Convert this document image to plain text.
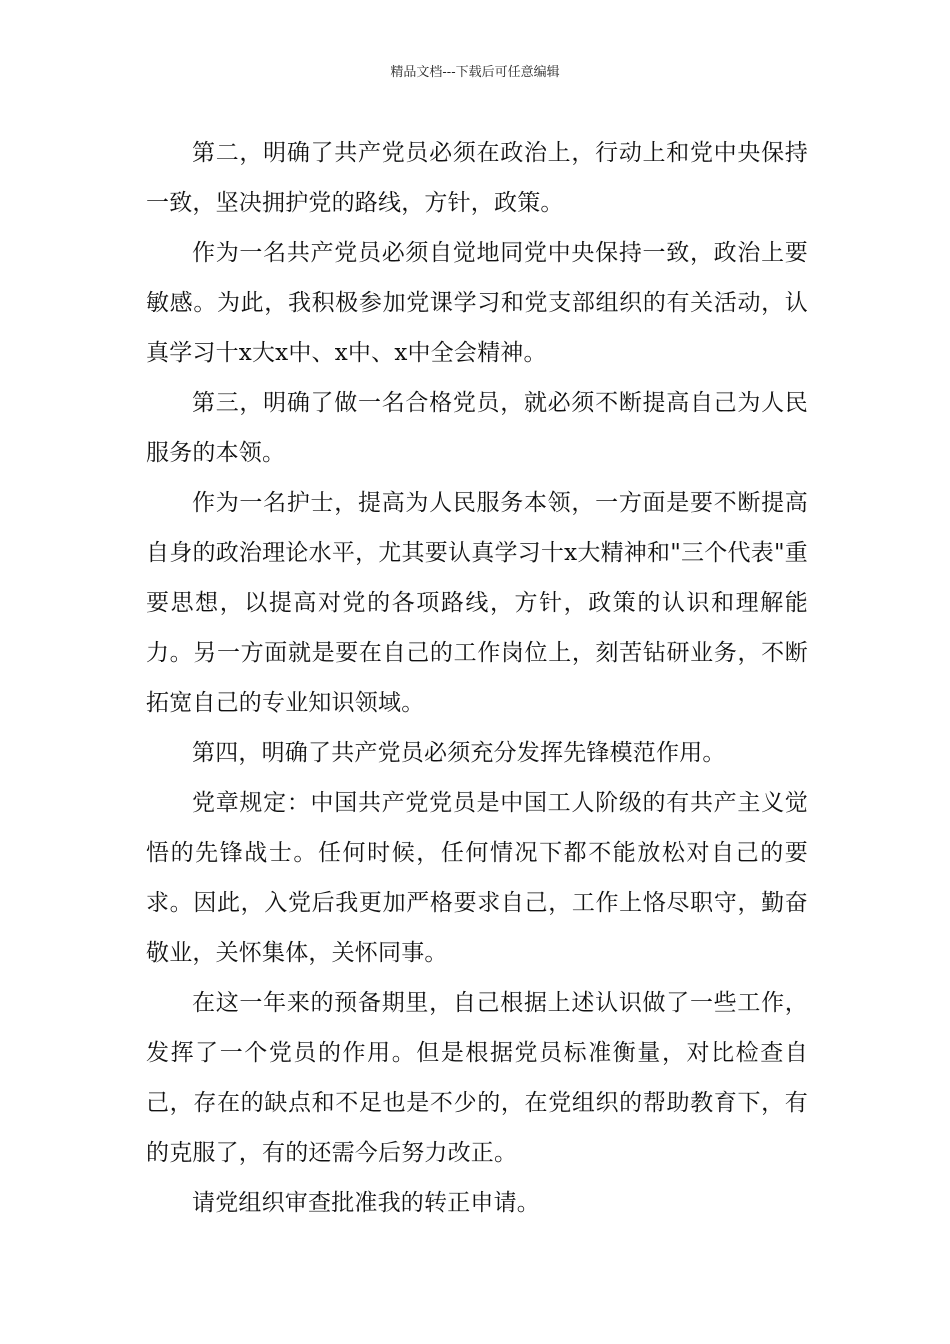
精品文档---下载后可任意编辑

第二，明确了共产党员必须在政治上，行动上和党中央保持一致，坚决拥护党的路线，方针，政策。

作为一名共产党员必须自觉地同党中央保持一致，政治上要敏感。为此，我积极参加党课学习和党支部组织的有关活动，认真学习十x大x中、x中、x中全会精神。

第三，明确了做一名合格党员，就必须不断提高自己为人民服务的本领。

作为一名护士，提高为人民服务本领，一方面是要不断提高自身的政治理论水平，尤其要认真学习十x大精神和"三个代表"重要思想，以提高对党的各项路线，方针，政策的认识和理解能力。另一方面就是要在自己的工作岗位上，刻苦钻研业务，不断拓宽自己的专业知识领域。

第四，明确了共产党员必须充分发挥先锋模范作用。

党章规定：中国共产党党员是中国工人阶级的有共产主义觉悟的先锋战士。任何时候，任何情况下都不能放松对自己的要求。因此，入党后我更加严格要求自己，工作上恪尽职守，勤奋敬业，关怀集体，关怀同事。

在这一年来的预备期里，自己根据上述认识做了一些工作，发挥了一个党员的作用。但是根据党员标准衡量，对比检查自己，存在的缺点和不足也是不少的，在党组织的帮助教育下，有的克服了，有的还需今后努力改正。

请党组织审查批准我的转正申请。
